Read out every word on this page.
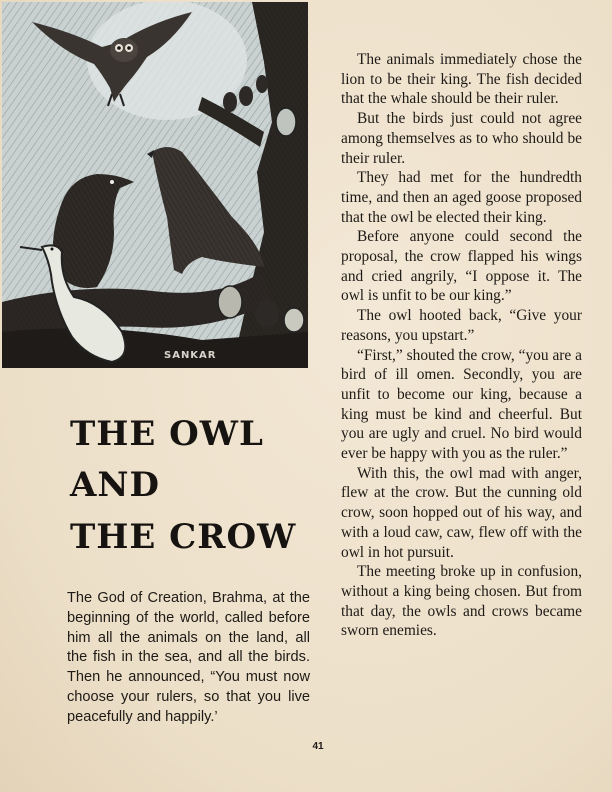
SANKAR
THE OWL
AND
THE CROW

The God of Creation, Brahma, at the beginning of the world, called before him all the animals on the land, all the fish in the sea, and all the birds. Then he announced, “You must now choose your rulers, so that you live peacefully and happily.’

The animals immediately chose the lion to be their king. The fish decided that the whale should be their ruler.

But the birds just could not agree among themselves as to who should be their ruler.

They had met for the hundredth time, and then an aged goose proposed that the owl be elected their king.

Before anyone could second the proposal, the crow flapped his wings and cried angrily, “I oppose it. The owl is unfit to be our king.”

The owl hooted back, “Give your reasons, you upstart.”

“First,” shouted the crow, “you are a bird of ill omen. Secondly, you are unfit to become our king, because a king must be kind and cheerful. But you are ugly and cruel. No bird would ever be happy with you as the ruler.”

With this, the owl mad with anger, flew at the crow. But the cunning old crow, soon hopped out of his way, and with a loud caw, caw, flew off with the owl in hot pursuit.

The meeting broke up in confusion, without a king being chosen. But from that day, the owls and crows became sworn enemies.

41
